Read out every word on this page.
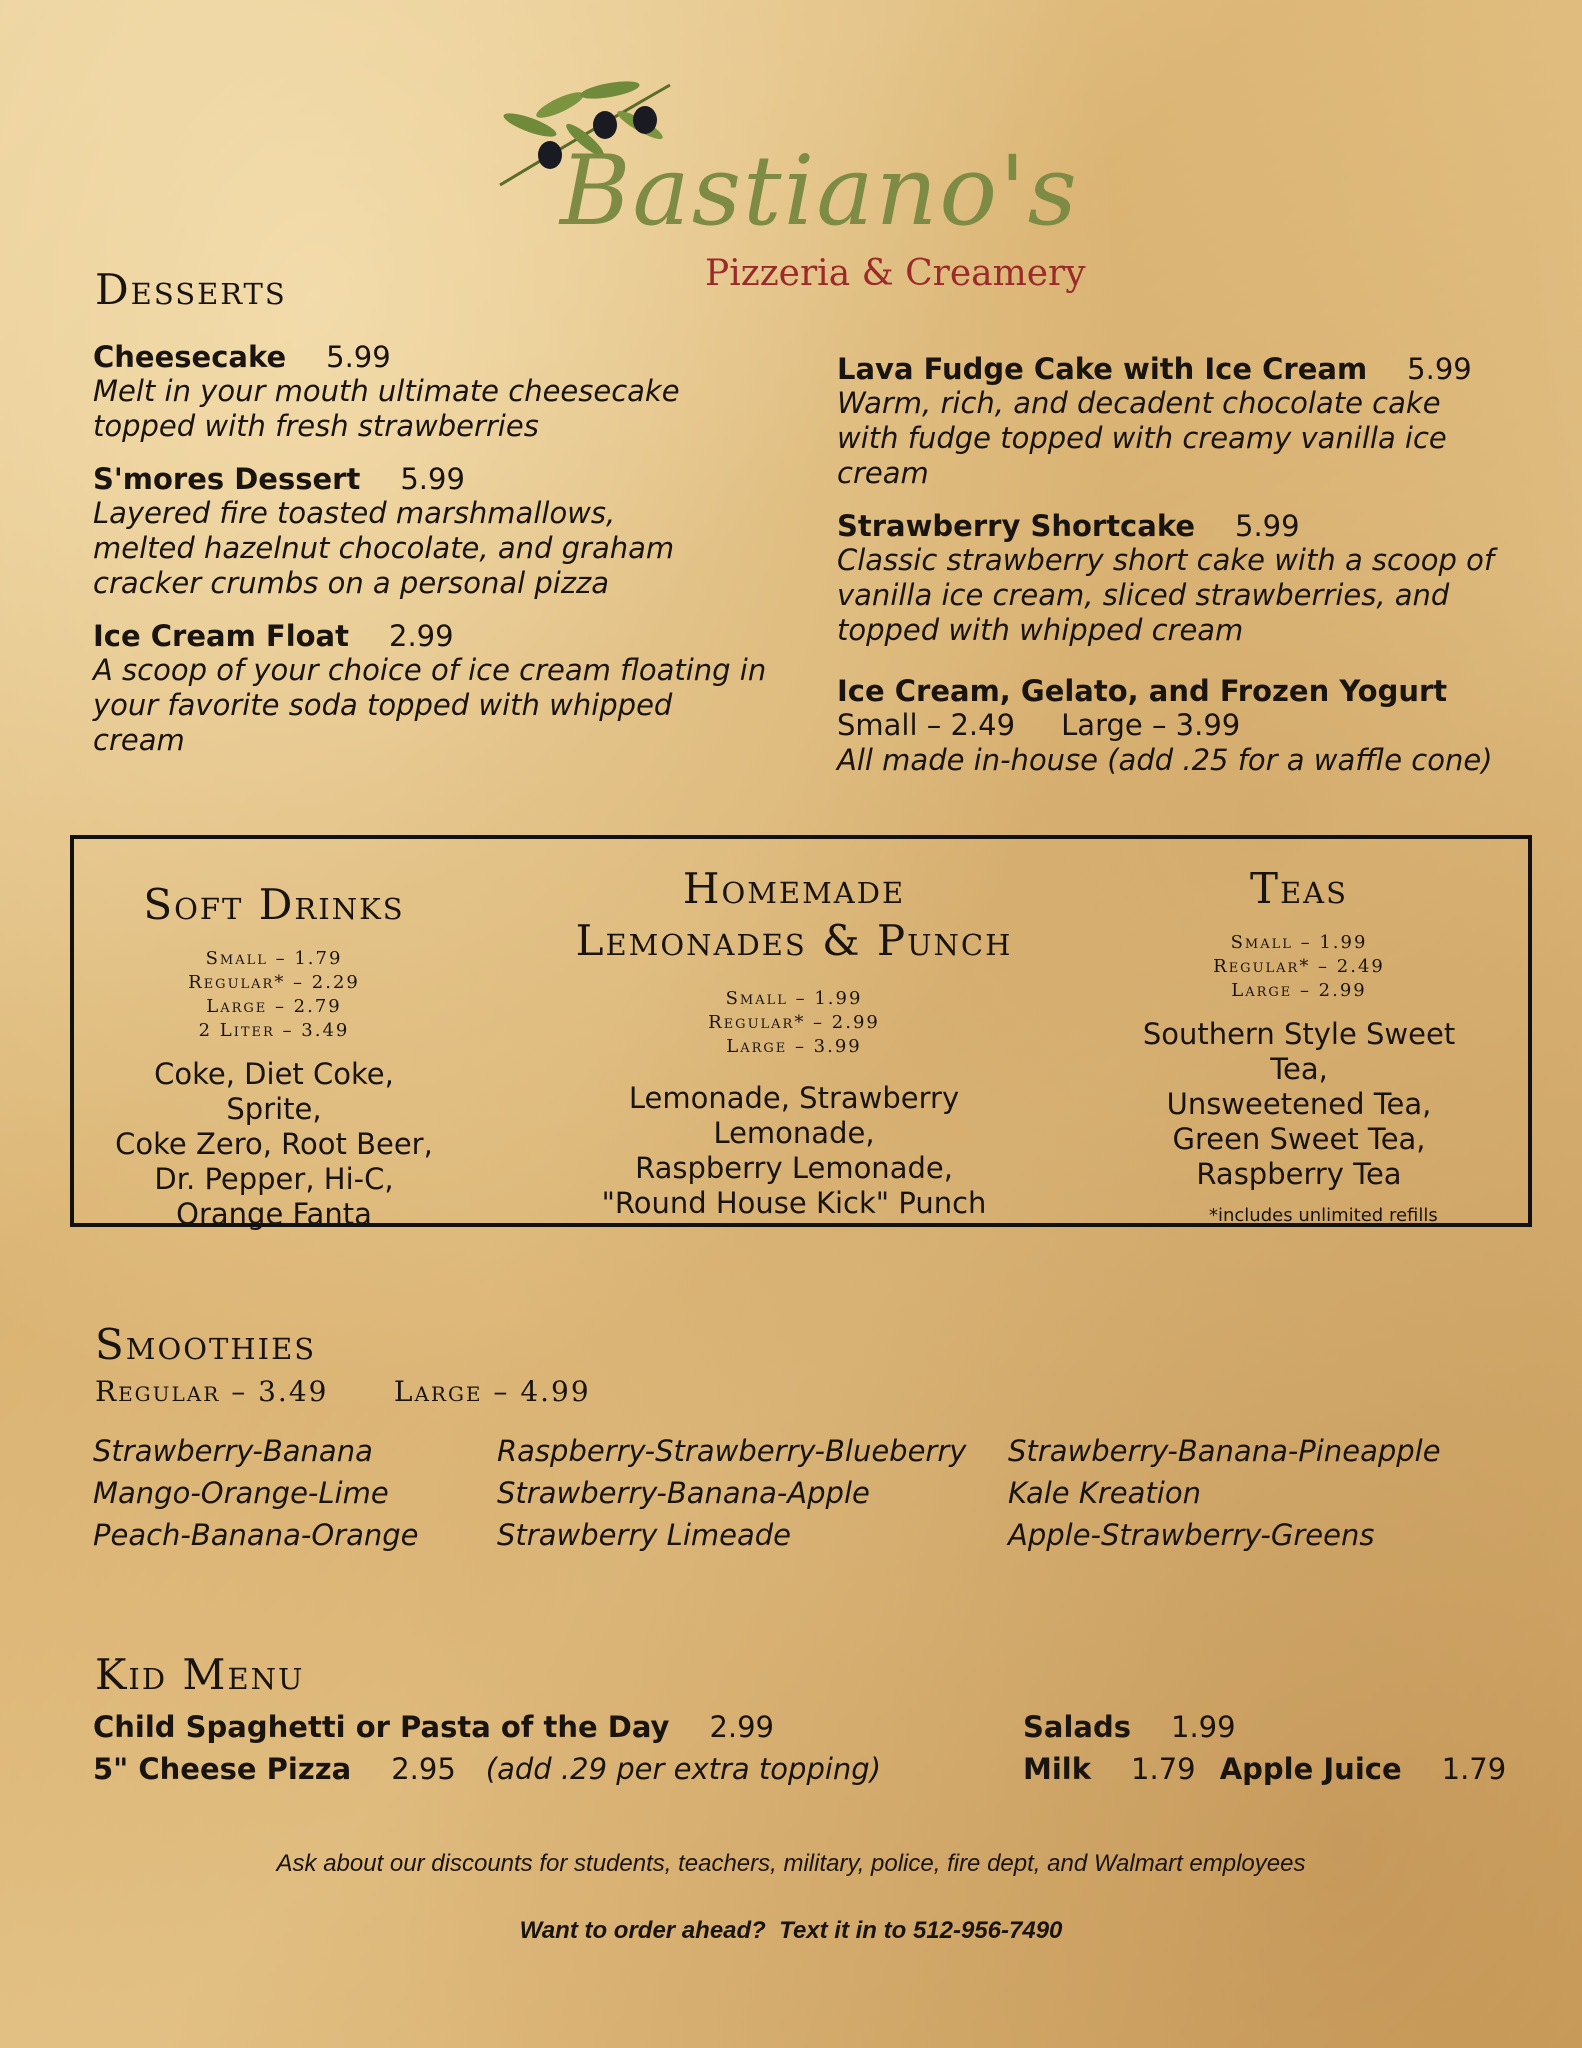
Bastiano's
Pizzeria & Creamery
Desserts
Cheesecake 5.99
Melt in your mouth ultimate cheesecake topped with fresh strawberries
S'mores Dessert 5.99
Layered fire toasted marshmallows, melted hazelnut chocolate, and graham cracker crumbs on a personal pizza
Ice Cream Float 2.99
A scoop of your choice of ice cream floating in your favorite soda topped with whipped cream
Lava Fudge Cake with Ice Cream 5.99
Warm, rich, and decadent chocolate cake with fudge topped with creamy vanilla ice cream
Strawberry Shortcake 5.99
Classic strawberry short cake with a scoop of vanilla ice cream, sliced strawberries, and topped with whipped cream
Ice Cream, Gelato, and Frozen Yogurt
Small – 2.49     Large – 3.99
All made in-house (add .25 for a waffle cone)
Soft Drinks
Small – 1.79
Regular* – 2.29
Large – 2.79
2 Liter – 3.49
Coke, Diet Coke, Sprite,
Coke Zero, Root Beer,
Dr. Pepper, Hi-C,
Orange Fanta
Homemade
Lemonades & Punch
Small – 1.99
Regular* – 2.99
Large – 3.99
Lemonade, Strawberry Lemonade,
Raspberry Lemonade,
"Round House Kick" Punch
Teas
Small – 1.99
Regular* – 2.49
Large – 2.99
Southern Style Sweet Tea,
Unsweetened Tea,
Green Sweet Tea,
Raspberry Tea
*includes unlimited refills
Smoothies
Regular – 3.49      Large – 4.99
Strawberry-Banana
Mango-Orange-Lime
Peach-Banana-Orange
Raspberry-Strawberry-Blueberry
Strawberry-Banana-Apple
Strawberry Limeade
Strawberry-Banana-Pineapple
Kale Kreation
Apple-Strawberry-Greens
Kid Menu
Child Spaghetti or Pasta of the Day 2.99
5" Cheese Pizza 2.95 (add .29 per extra topping)
Salads 1.99
Milk 1.79 Apple Juice 1.79
Ask about our discounts for students, teachers, military, police, fire dept, and Walmart employees
Want to order ahead?  Text it in to 512-956-7490
